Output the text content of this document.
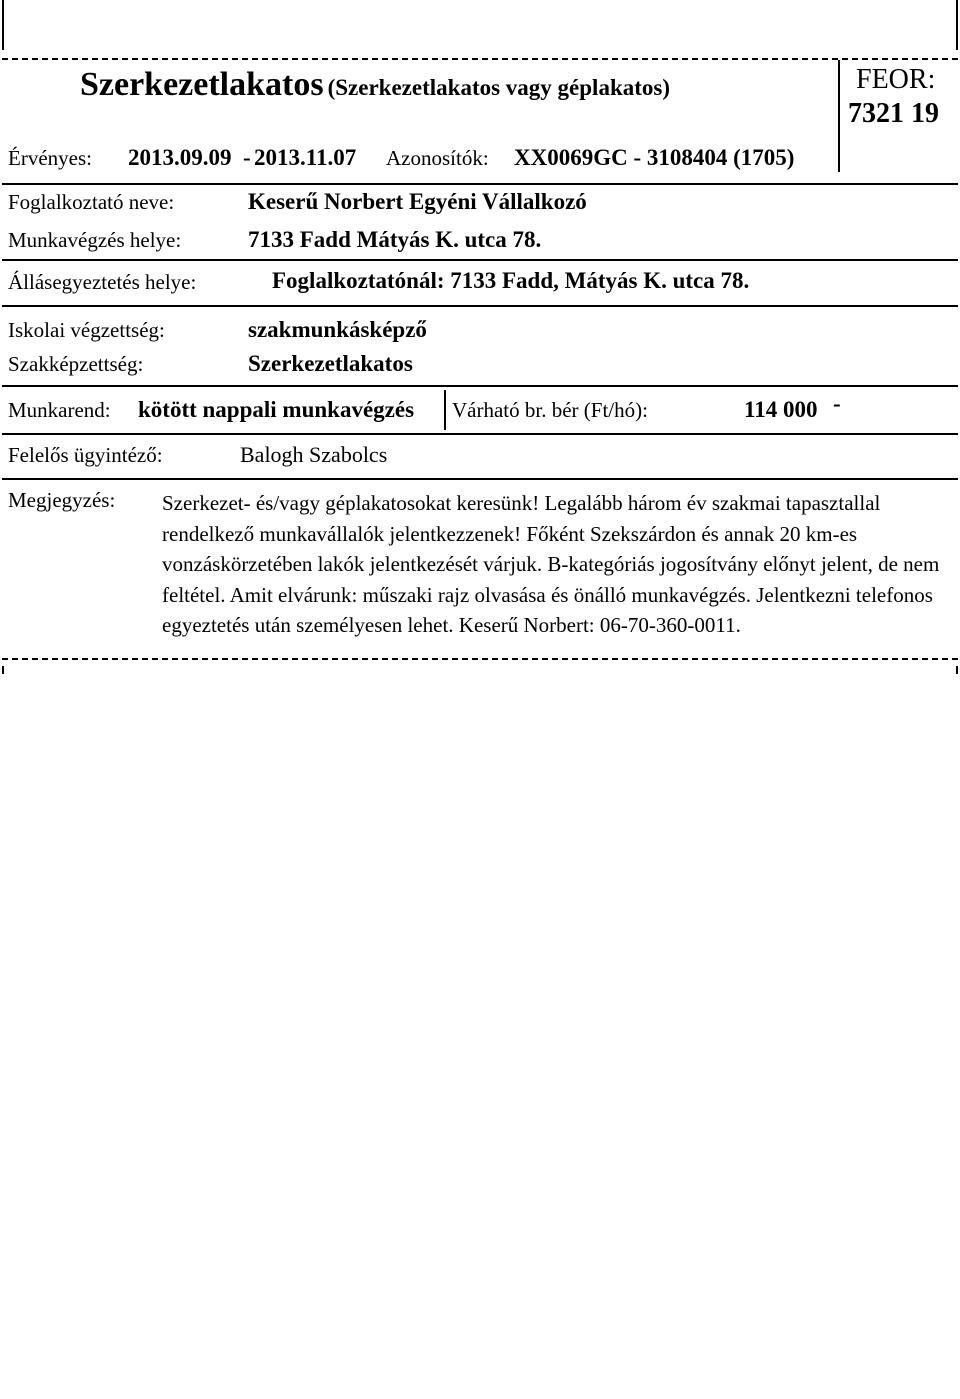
Szerkezetlakatos (Szerkezetlakatos vagy géplakatos)	FEOR:
7321 19
Érvényes: 2013.09.09 - 2013.11.07 Azonosítók: XX0069GC - 3108404 (1705)
Foglalkoztató neve:	Keserű Norbert Egyéni Vállalkozó
Munkavégzés helye:	7133 Fadd Mátyás K. utca 78.
Állásegyeztetés helye:	Foglalkoztatónál: 7133 Fadd, Mátyás K. utca 78.
Iskolai végzettség:	szakmunkásképző
Szakképzettség:	Szerkezetlakatos
Munkarend: kötött nappali munkavégzés Várható br. bér (Ft/hó):	114 000 -
Felelős ügyintéző:	Balogh Szabolcs
Megjegyzés: Szerkezet- és/vagy géplakatosokat keresünk! Legalább három év szakmai tapasztallal rendelkező munkavállalók jelentkezzenek! Főként Szekszárdon és annak 20 km-es vonzáskörzetében lakók jelentkezését várjuk. B-kategóriás jogosítvány előnyt jelent, de nem feltétel. Amit elvárunk: műszaki rajz olvasása és önálló munkavégzés. Jelentkezni telefonos egyeztetés után személyesen lehet. Keserű Norbert: 06-70-360-0011.
